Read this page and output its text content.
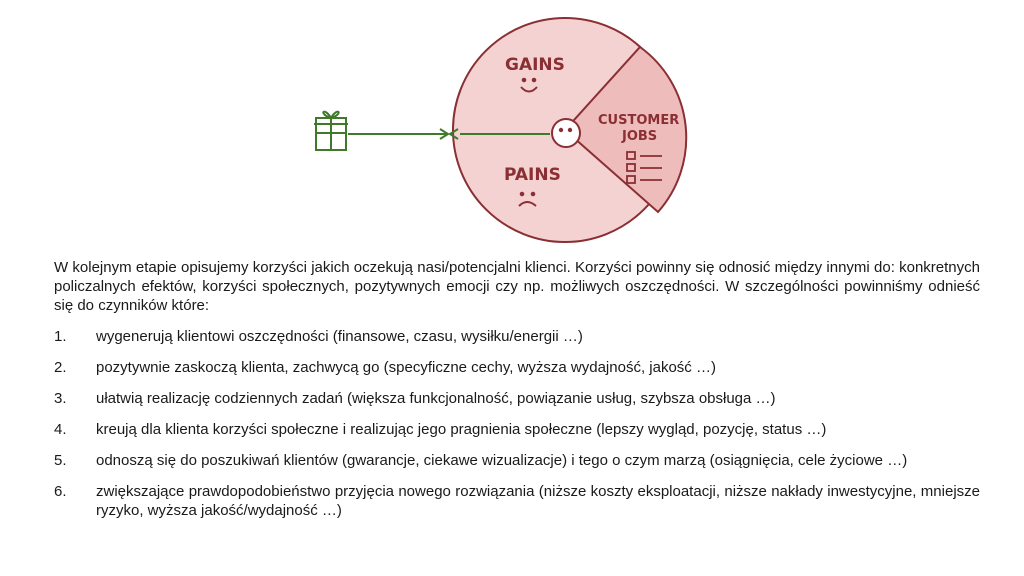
GAINS
PAINS
CUSTOMER
JOBS

W kolejnym etapie opisujemy korzyści jakich oczekują nasi/potencjalni klienci. Korzyści powinny się odnosić między innymi do: konkretnych policzalnych efektów, korzyści społecznych, pozytywnych emocji czy np. możliwych oszczędności. W szczególności powinniśmy odnieść się do czynników które:

1.	wygenerują klientowi oszczędności (finansowe, czasu, wysiłku/energii …)
2.	pozytywnie zaskoczą klienta, zachwycą go (specyficzne cechy, wyższa wydajność, jakość …)
3.	ułatwią realizację codziennych zadań (większa funkcjonalność, powiązanie usług, szybsza obsługa …)
4.	kreują dla klienta korzyści społeczne i realizując jego pragnienia społeczne (lepszy wygląd, pozycję, status …)
5.	odnoszą się do poszukiwań klientów (gwarancje, ciekawe wizualizacje) i tego o czym marzą (osiągnięcia, cele życiowe …)
6.	zwiększające prawdopodobieństwo przyjęcia nowego rozwiązania (niższe koszty eksploatacji, niższe nakłady inwestycyjne, mniejsze ryzyko, wyższa jakość/wydajność …)
